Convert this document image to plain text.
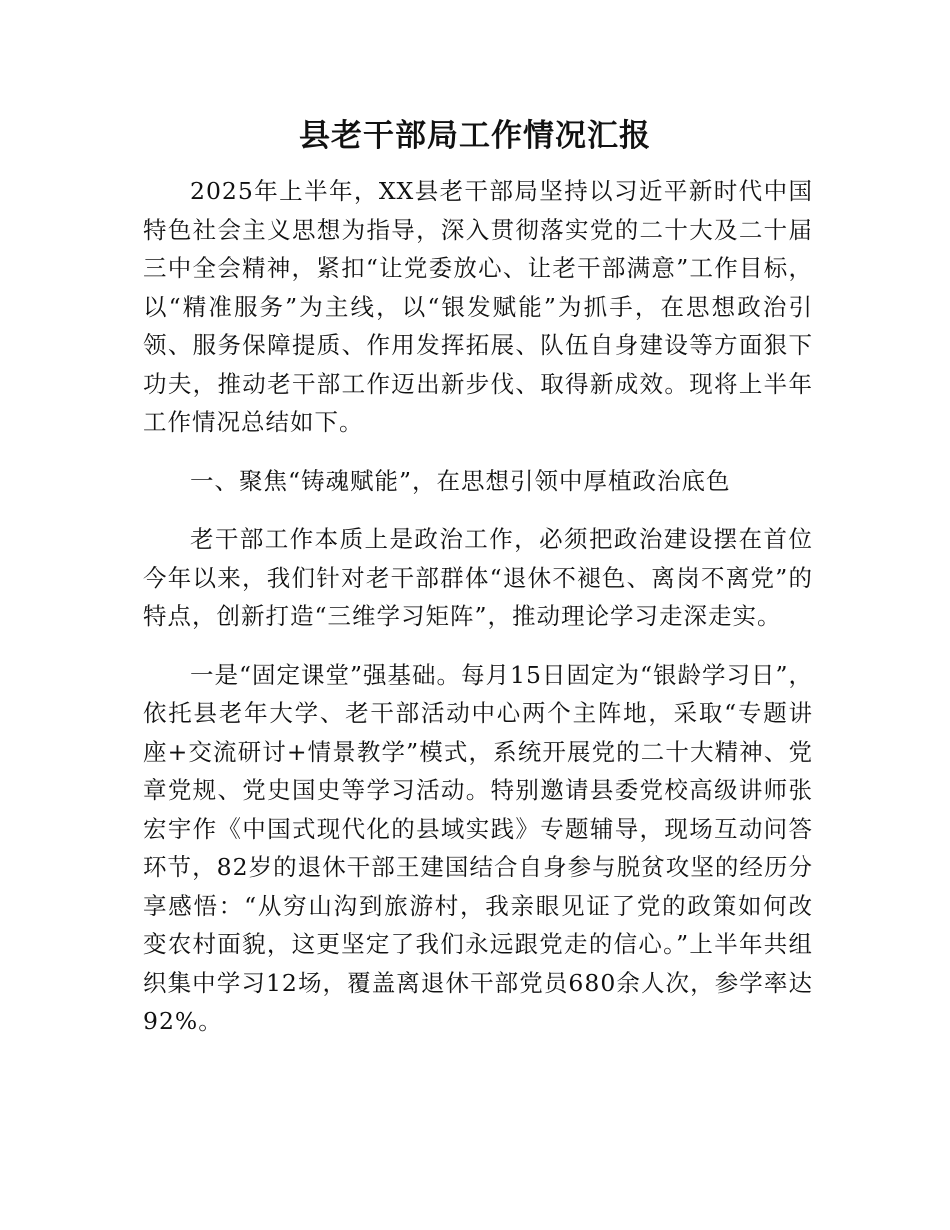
县老干部局工作情况汇报

2025年上半年，XX县老干部局坚持以习近平新时代中国特色社会主义思想为指导，深入贯彻落实党的二十大及二十届三中全会精神，紧扣“让党委放心、让老干部满意”工作目标，以“精准服务”为主线，以“银发赋能”为抓手，在思想政治引领、服务保障提质、作用发挥拓展、队伍自身建设等方面狠下功夫，推动老干部工作迈出新步伐、取得新成效。现将上半年工作情况总结如下。

一、聚焦“铸魂赋能”，在思想引领中厚植政治底色

老干部工作本质上是政治工作，必须把政治建设摆在首位今年以来，我们针对老干部群体“退休不褪色、离岗不离党”的特点，创新打造“三维学习矩阵”，推动理论学习走深走实。

一是“固定课堂”强基础。每月15日固定为“银龄学习日”，依托县老年大学、老干部活动中心两个主阵地，采取“专题讲座+交流研讨+情景教学”模式，系统开展党的二十大精神、党章党规、党史国史等学习活动。特别邀请县委党校高级讲师张宏宇作《中国式现代化的县域实践》专题辅导，现场互动问答环节，82岁的退休干部王建国结合自身参与脱贫攻坚的经历分享感悟：“从穷山沟到旅游村，我亲眼见证了党的政策如何改变农村面貌，这更坚定了我们永远跟党走的信心。”上半年共组织集中学习12场，覆盖离退休干部党员680余人次，参学率达92%。
